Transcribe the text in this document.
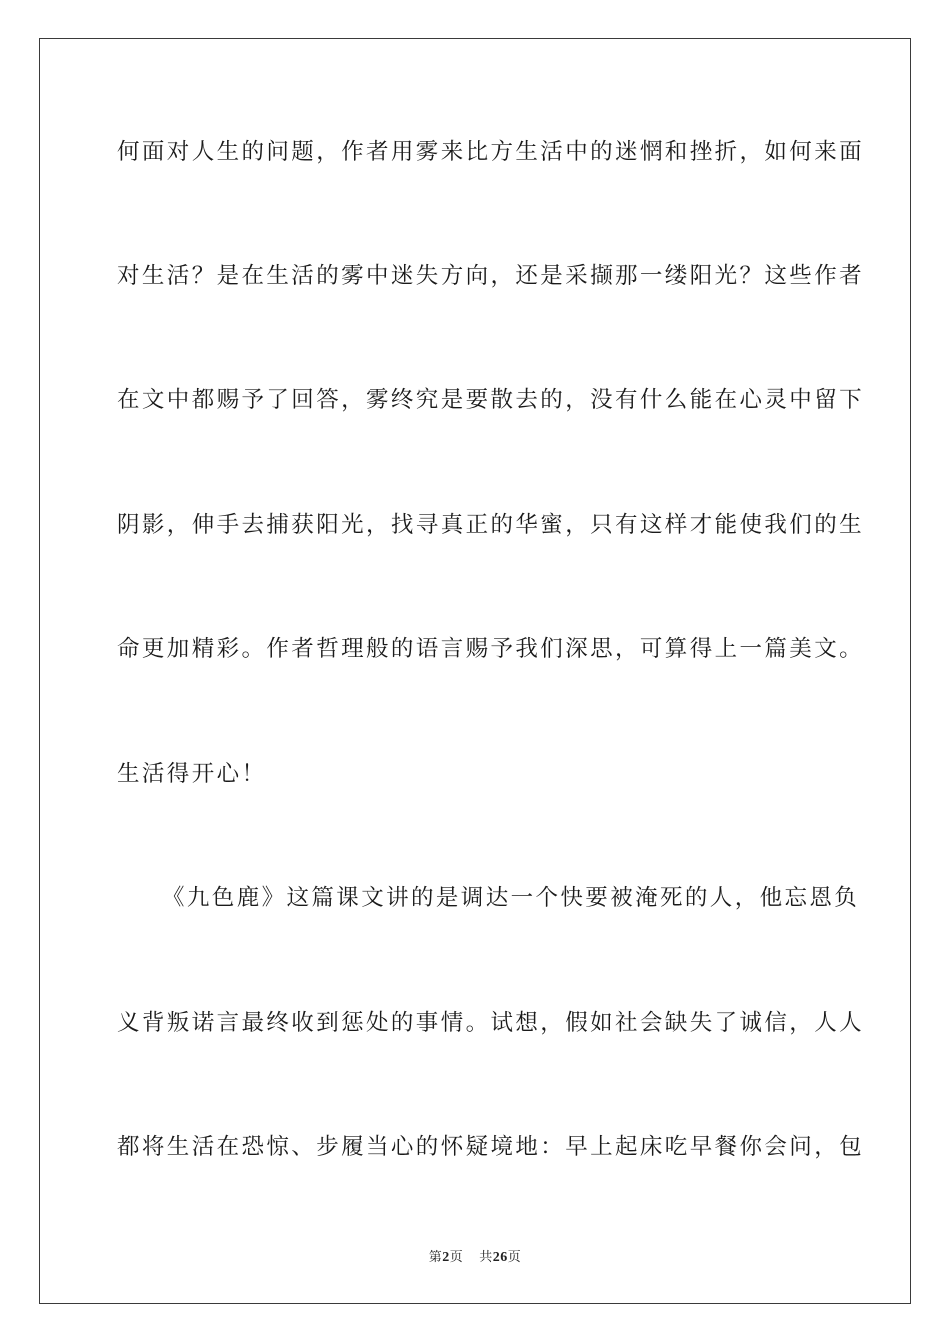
何面对人生的问题，作者用雾来比方生活中的迷惘和挫折，如何来面
对生活？是在生活的雾中迷失方向，还是采撷那一缕阳光？这些作者
在文中都赐予了回答，雾终究是要散去的，没有什么能在心灵中留下
阴影，伸手去捕获阳光，找寻真正的华蜜，只有这样才能使我们的生
命更加精彩。作者哲理般的语言赐予我们深思，可算得上一篇美文。
生活得开心！
《九色鹿》这篇课文讲的是调达一个快要被淹死的人，他忘恩负
义背叛诺言最终收到惩处的事情。试想，假如社会缺失了诚信，人人
都将生活在恐惊、步履当心的怀疑境地：早上起床吃早餐你会问，包
第2页 共26页
